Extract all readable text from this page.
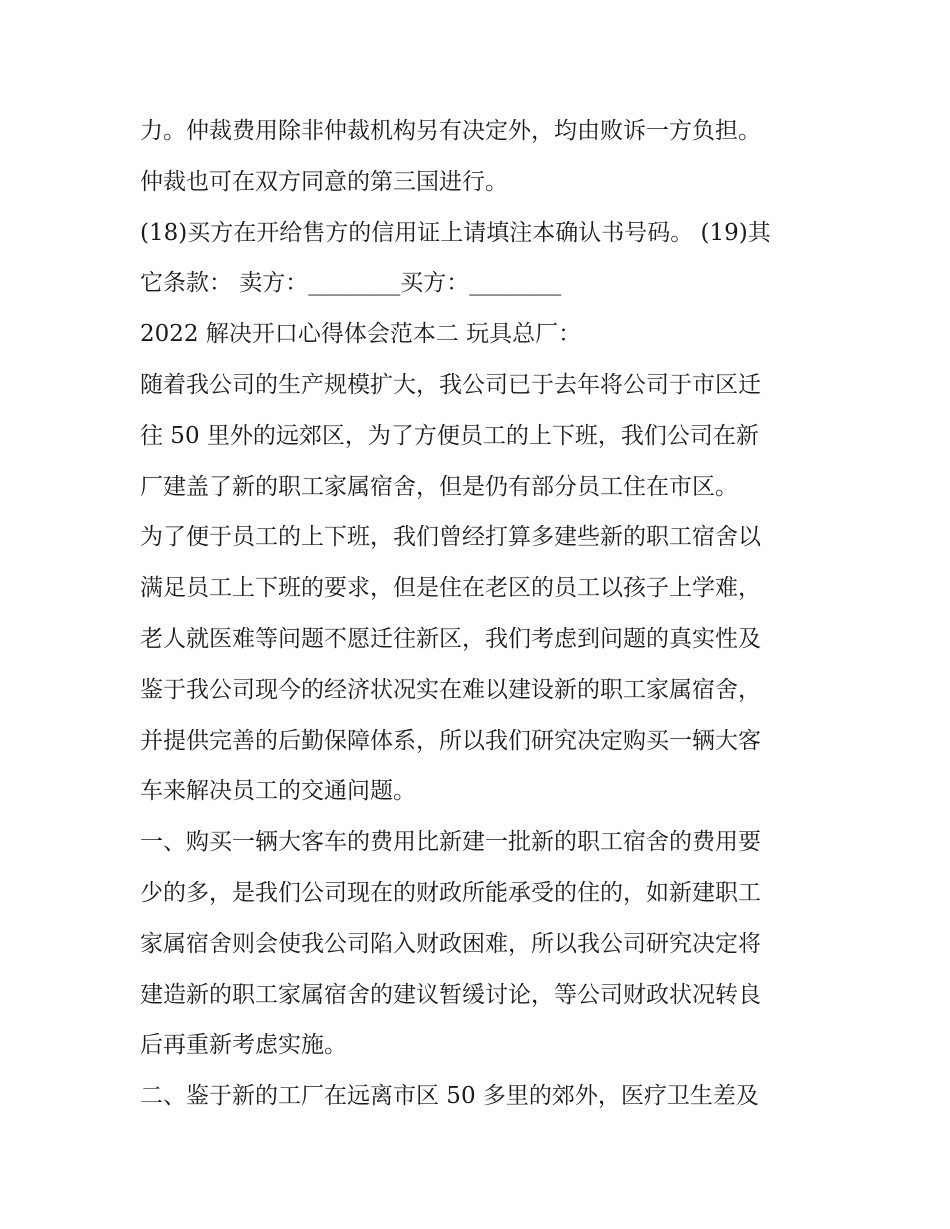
力。仲裁费用除非仲裁机构另有决定外，均由败诉一方负担。
仲裁也可在双方同意的第三国进行。
(18)买方在开给售方的信用证上请填注本确认书号码。 (19)其
它条款： 卖方：________买方：________
2022 解决开口心得体会范本二 玩具总厂：
随着我公司的生产规模扩大，我公司已于去年将公司于市区迁
往 50 里外的远郊区，为了方便员工的上下班，我们公司在新
厂建盖了新的职工家属宿舍，但是仍有部分员工住在市区。
为了便于员工的上下班，我们曾经打算多建些新的职工宿舍以
满足员工上下班的要求，但是住在老区的员工以孩子上学难，
老人就医难等问题不愿迁往新区，我们考虑到问题的真实性及
鉴于我公司现今的经济状况实在难以建设新的职工家属宿舍，
并提供完善的后勤保障体系，所以我们研究决定购买一辆大客
车来解决员工的交通问题。
一、购买一辆大客车的费用比新建一批新的职工宿舍的费用要
少的多，是我们公司现在的财政所能承受的住的，如新建职工
家属宿舍则会使我公司陷入财政困难，所以我公司研究决定将
建造新的职工家属宿舍的建议暂缓讨论，等公司财政状况转良
后再重新考虑实施。
二、鉴于新的工厂在远离市区 50 多里的郊外，医疗卫生差及
